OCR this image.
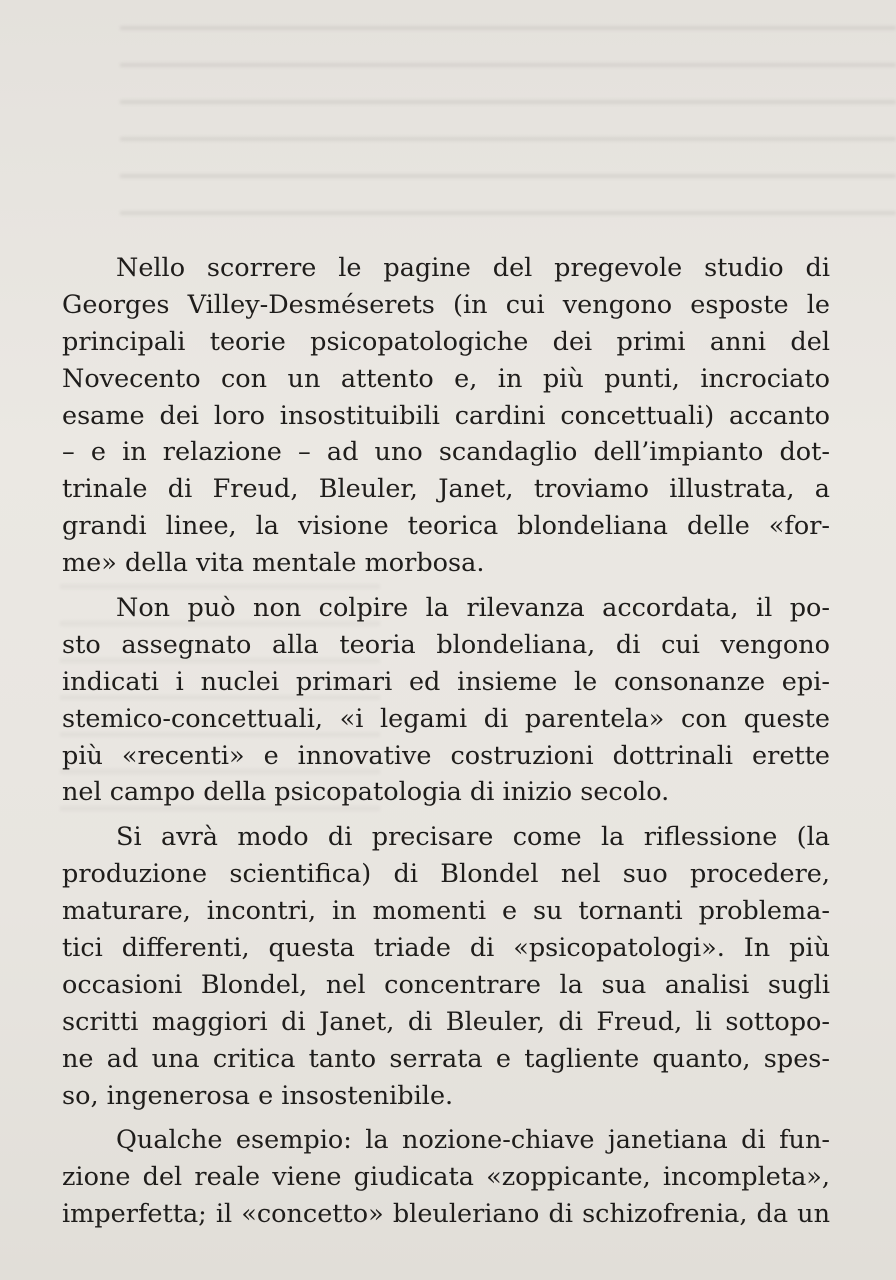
Nello scorrere le pagine del pregevole studio di
Georges Villey-Desméserets (in cui vengono esposte le
principali teorie psicopatologiche dei primi anni del
Novecento con un attento e, in più punti, incrociato
esame dei loro insostituibili cardini concettuali) accanto
– e in relazione – ad uno scandaglio dell’impianto dot-
trinale di Freud, Bleuler, Janet, troviamo illustrata, a
grandi linee, la visione teorica blondeliana delle «for-
me» della vita mentale morbosa.
Non può non colpire la rilevanza accordata, il po-
sto assegnato alla teoria blondeliana, di cui vengono
indicati i nuclei primari ed insieme le consonanze epi-
stemico-concettuali, «i legami di parentela» con queste
più «recenti» e innovative costruzioni dottrinali erette
nel campo della psicopatologia di inizio secolo.
Si avrà modo di precisare come la riflessione (la
produzione scientifica) di Blondel nel suo procedere,
maturare, incontri, in momenti e su tornanti problema-
tici differenti, questa triade di «psicopatologi». In più
occasioni Blondel, nel concentrare la sua analisi sugli
scritti maggiori di Janet, di Bleuler, di Freud, li sottopo-
ne ad una critica tanto serrata e tagliente quanto, spes-
so, ingenerosa e insostenibile.
Qualche esempio: la nozione-chiave janetiana di fun-
zione del reale viene giudicata «zoppicante, incompleta»,
imperfetta; il «concetto» bleuleriano di schizofrenia, da un
